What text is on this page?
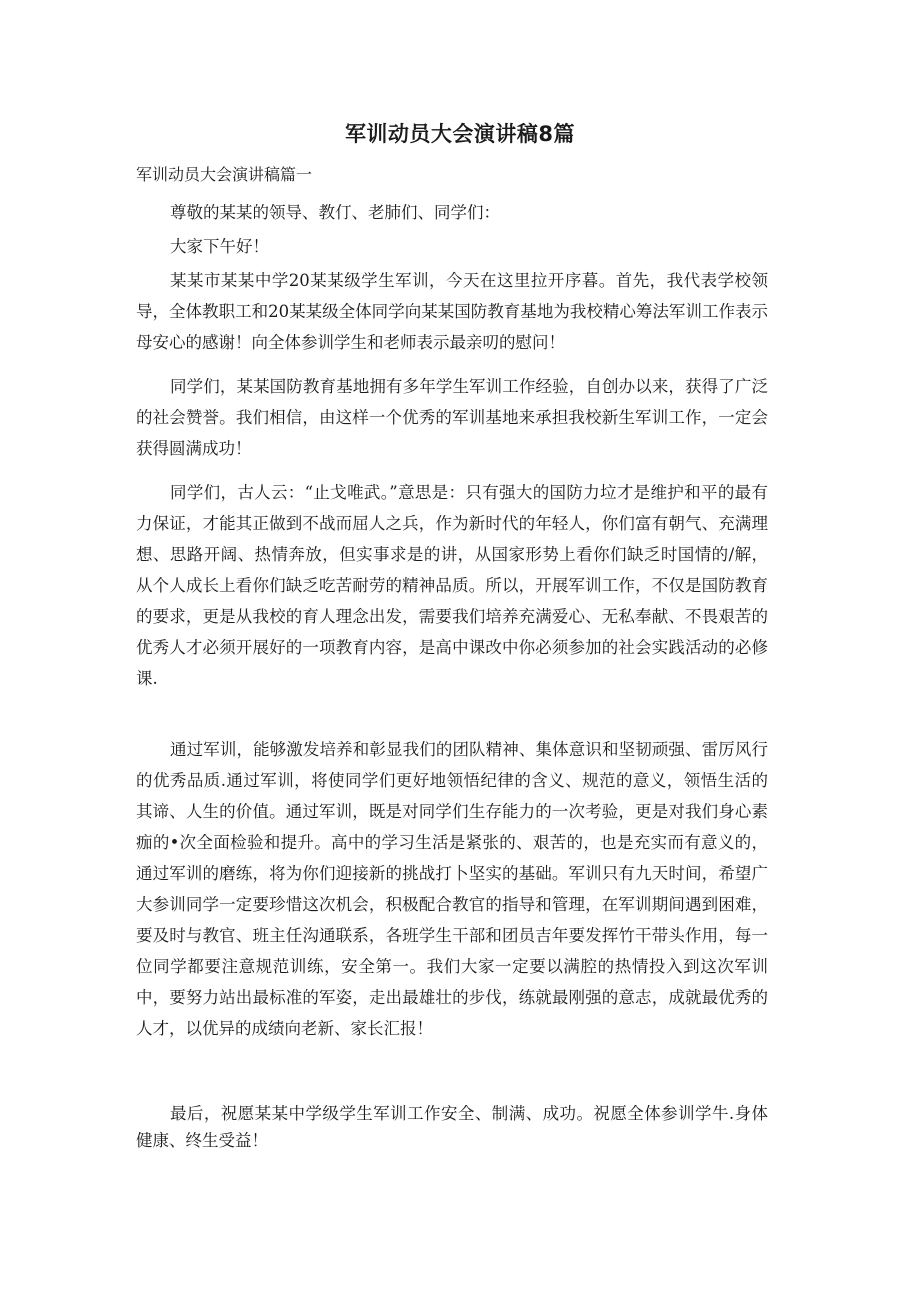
军训动员大会演讲稿8篇
军训动员大会演讲稿篇一

尊敬的某某的领导、教仃、老肺们、同学们：

大家下午好！

某某市某某中学20某某级学生军训，今天在这里拉开序暮。首先，我代表学校领导，全体教职工和20某某级全体同学向某某国防教育基地为我校精心筹法军训工作表示母安心的感谢！向全体参训学生和老师表示最亲叨的慰问！

同学们，某某国防教育基地拥有多年学生军训工作经验，自创办以来，获得了广泛的社会赞誉。我们相信，由这样一个优秀的军训基地来承担我校新生军训工作，一定会获得圆满成功！

同学们，古人云：“止戈唯武。”意思是：只有强大的国防力垃才是维护和平的最有力保证，才能其正做到不战而屈人之兵，作为新时代的年轻人，你们富有朝气、充满理想、思路开阔、热情奔放，但实事求是的讲，从国家形势上看你们缺乏时国情的/解，从个人成长上看你们缺乏吃苦耐劳的精神品质。所以，开展军训工作，不仅是国防教育的要求，更是从我校的育人理念出发，需要我们培养充满爱心、无私奉献、不畏艰苦的优秀人才必须开展好的一项教育内容，是高中课改中你必须参加的社会实践活动的必修课.

通过军训，能够激发培养和彰显我们的团队精神、集体意识和坚韧顽强、雷厉风行的优秀品质.通过军训，将使同学们更好地领悟纪律的含义、规范的意义，领悟生活的其谛、人生的价值。通过军训，既是对同学们生存能力的一次考验，更是对我们身心素痂的•次全面检验和提升。高中的学习生活是紧张的、艰苦的，也是充实而有意义的，通过军训的磨练，将为你们迎接新的挑战打卜坚实的基础。军训只有九天时间，希望广大参训同学一定要珍惜这次机会，积极配合教官的指导和管理，在军训期间遇到困难，要及时与教官、班主任沟通联系，各班学生干部和团员吉年要发挥竹干带头作用，每一位同学都要注意规范训练，安全第一。我们大家一定要以满腔的热情投入到这次军训中，要努力站出最标准的军姿，走出最雄壮的步伐，练就最刚强的意志，成就最优秀的人才，以优异的成绩向老新、家长汇报！

最后，祝愿某某中学级学生军训工作安全、制满、成功。祝愿全体参训学牛.身体健康、终生受益！
